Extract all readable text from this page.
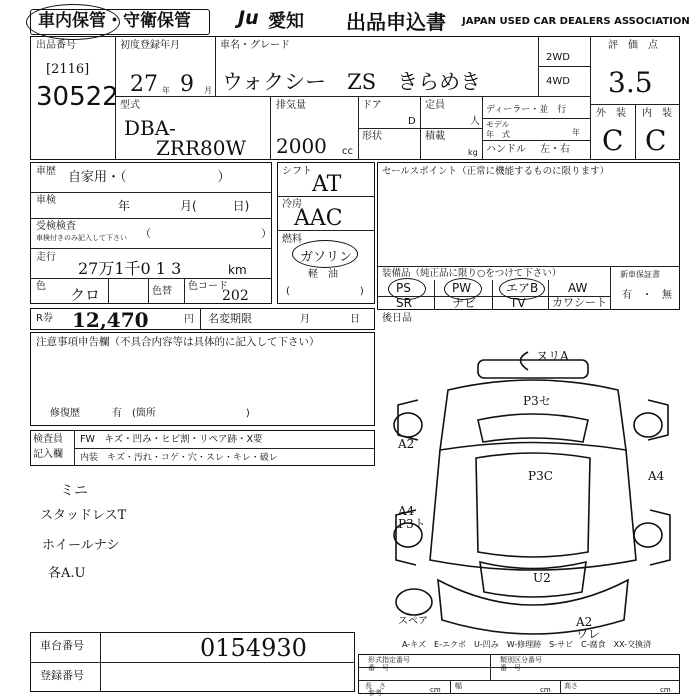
車内保管・守衛保管 Ju 愛知 出品申込書 JAPAN USED CAR DEALERS ASSOCIATION
出品番号
[2116]
30522
初度登録年月
27 年 9 月
車名・グレード
ウォクシー　ZS　きらめき
2WD
4WD
評　価　点
3.5
外　装 内　装
C C
型式
DBA-
ZRR80W
排気量
2000 cc
ドア
D
形状
定員
人
積載
kg
ディーラー・並　行
モデル
年　式	年
ハンドル 左・右
車歴 自家用・（　　　　　　　）
車検	年	月(　　　日)
受検検査
車検付きのみ記入して下さい （　　　　　　　　　　）
走行
27万1千0 1 3	km
色 クロ	色替 色コード
202
シフト
AT
冷房
AAC
燃料
ガソリン
軽　油
(　　　　　　　)
セールスポイント（正常に機能するものに限ります）
装備品（純正品に限り○をつけて下さい）
PS	PW	エアB AW
SR	ナビ	TV カワシート
新車保証書
有　・　無
R券 12,470	円 名変期限	月	日 後日品
注意事項申告欄（不具合内容等は具体的に記入して下さい）
修復歴	有　(箇所　　　　　　　　　)
検査員
記入欄
FW　キズ・凹み・ヒビ割・リペア跡・X要
内装　キズ・汚れ・コゲ・穴・スレ・キレ・破レ
ミニ
スタッドレスT
ホイールナシ
各A.U
車台番号	0154930
登録番号
ヌリA
P3セ
P3C
A2
A4
A4
P3ト
U2
A2
ワレ
スペア
A-キズ　E-エクボ　U-凹み　W-修理跡　S-サビ　C-腐食　XX-交換済
形式指定番号
番　号
類別区分番号
番　号
長　さ
参考	cm 幅	cm 高さ	cm
